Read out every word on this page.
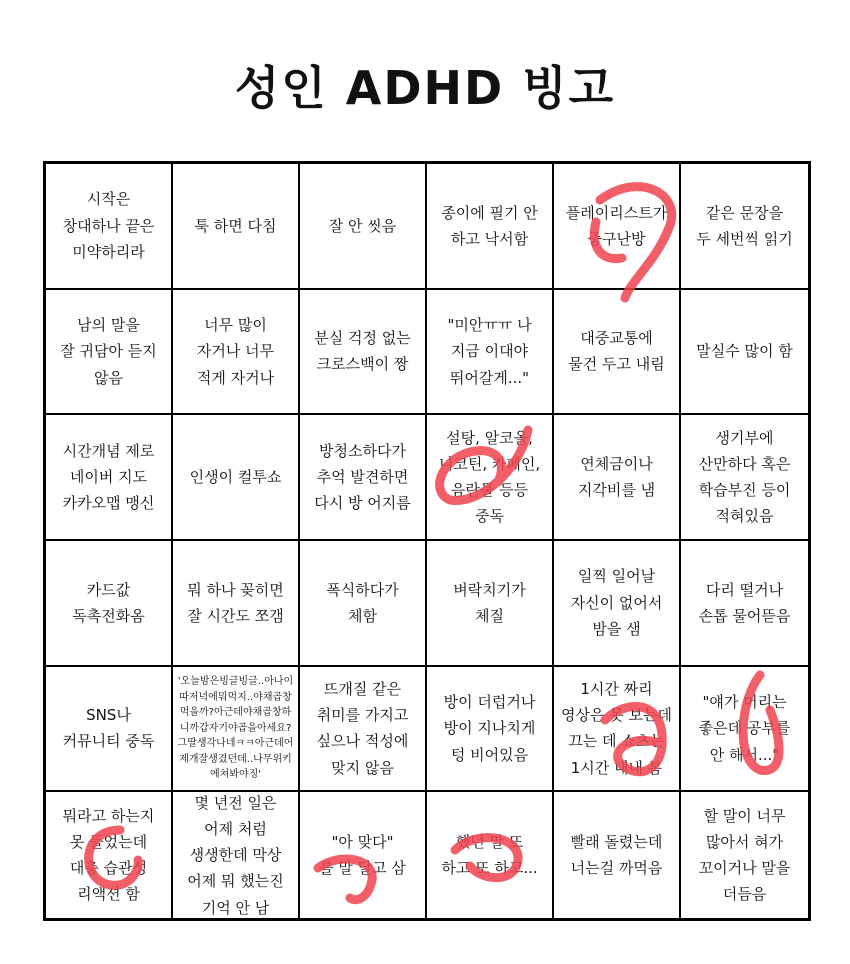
성인 ADHD 빙고
시작은
창대하나 끝은
미약하리라
툭 하면 다침	잘 안 씻음
종이에 필기 안
하고 낙서함
플레이리스트가
중구난방
같은 문장을
두 세번씩 읽기
남의 말을
잘 귀담아 듣지
않음
너무 많이
자거나 너무
적게 자거나
분실 걱정 없는
크로스백이 짱
"미안ㅠㅠ 나
지금 이대야
뛰어갈게..."
대중교통에
물건 두고 내림
말실수 많이 함
시간개념 제로
네이버 지도
카카오맵 맹신
인생이 컬투쇼
방청소하다가
추억 발견하면
다시 방 어지름
설탕, 알코올,
니코틴, 카페인,
음란물 등등
중독
연체금이나
지각비를 냄
생기부에
산만하다 혹은
학습부진 등이
적혀있음
카드값
독촉전화옴
뭐 하나 꽂히면
잘 시간도 쪼갬
폭식하다가
체함
벼락치기가
체질
일찍 일어날
자신이 없어서
밤을 샘
다리 떨거나
손톱 물어뜯음
SNS나
커뮤니티 중독
'오늘밤은빙글빙글..아나이따저녁에뭐먹지..야채곱창먹을까?아근데야채곱창하니까갑자기야곱을아세요?그딸생각나네ㅋㅋ아근데어제개잘생겼던데..나무위키에쳐봐야징'
뜨개질 같은
취미를 가지고
싶으나 적성에
맞지 않음
방이 더럽거나
방이 지나치게
텅 비어있음
1시간 짜리
영상은 못 보는데
끄는 데 쇼츠는
1시간 내내 봄
"얘가 머리는
좋은데 공부를
안 해서..."
뭐라고 하는지
못 들었는데
대충 습관성
리액션 함
몇 년전 일은
어제 처럼
생생한데 막상
어제 뭐 했는진
기억 안 남
"아 맞다"
를 말 달고 삼
했던 말 또
하고 또 하고...
빨래 돌렸는데
너는걸 까먹음
할 말이 너무
많아서 혀가
꼬이거나 말을
더듬음
